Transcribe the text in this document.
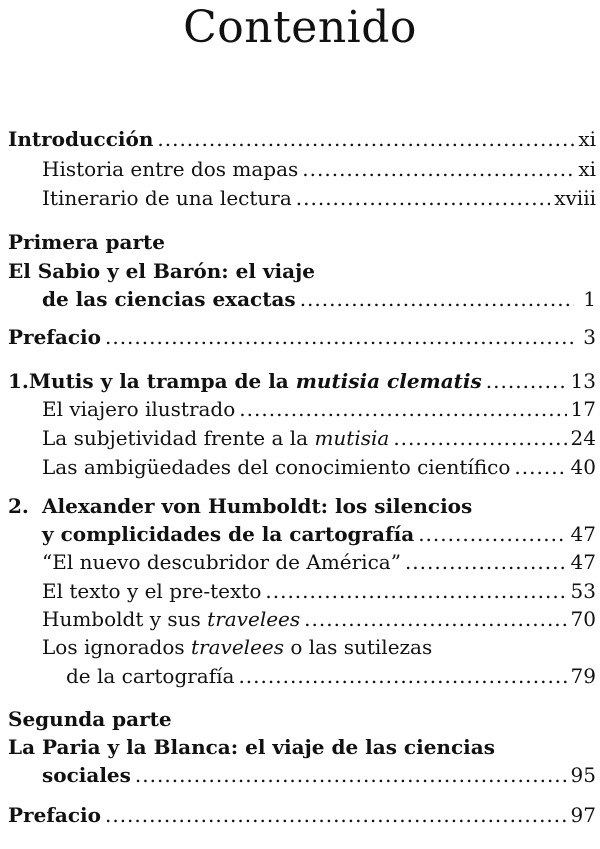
Contenido
Introducción .....	xi
Historia entre dos mapas .....	xi
Itinerario de una lectura .....	xviii
Primera parte
El Sabio y el Barón: el viaje
de las ciencias exactas .....	1
Prefacio .....	3
1. Mutis y la trampa de la mutisia clematis .....	13
El viajero ilustrado .....	17
La subjetividad frente a la mutisia .....	24
Las ambigüedades del conocimiento científico .....	40
2. Alexander von Humboldt: los silencios
y complicidades de la cartografía .....	47
“El nuevo descubridor de América” .....	47
El texto y el pre-texto .....	53
Humboldt y sus travelees .....	70
Los ignorados travelees o las sutilezas
de la cartografía .....	79
Segunda parte
La Paria y la Blanca: el viaje de las ciencias
sociales .....	95
Prefacio .....	97
